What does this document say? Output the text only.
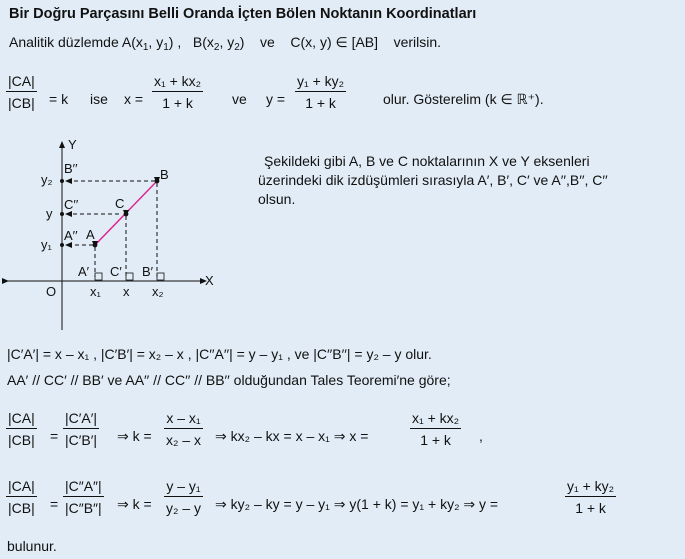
Bir Doğru Parçasını Belli Oranda İçten Bölen Noktanın Koordinatları
Analitik düzlemde $A(x_1$, $y_1$) , $B(x_2$, $y_2$) ve C(x, y) ∈ [AB] verilsin.
$\frac{|CA|}{|CB|} = k$ ise $x = \frac{\text{x₁ + kx₂}}{1 + k}$ ve $y = \frac{\text{y₁ + ky₂}}{1 + k}$	olur. Gösterelim (k ∈ ℝ⁺).
Şekildeki gibi A, B ve C noktalarının X ve Y eksenleri
üzerindeki dik izdüşümleri sırasıyla A′, B′, C′ ve A′′,B′′, C′′
olsun.
Y
X
O
A
C
B
B′′
C′′
A′′
A′ C′ B′
y₂
y
y₁
x₁ x x₂
|C′A′| = x – x₁ , |C′B′| = x₂ – x , |C′′A′′| = y – y₁ , ve |C′′B′′| = y₂ – y olur.
AA′ // CC′ // BB′ ve AA′′ // CC′′ // BB′′ olduğundan Tales Teoremi′ne göre;
$\frac{|CA|}{|CB|} = \frac{|C'A'|}{|C'B'|}$ ⇒ $k = \frac{\text{x – x₁}}{\text{x₂ – x}}$ ⇒ kx₂ – kx = x – x₁ ⇒ x =	$\frac{\text{x₁ + kx₂}}{1 + k}$ ,
$\frac{|CA|}{|CB|} = \frac{|C''A''|}{|C''B''|}$ ⇒ $k = \frac{\text{y – y₁}}{\text{y₂ – y}}$ ⇒ ky₂ – ky = y – y₁ ⇒ y(1 + k) = y₁ + ky₂ ⇒ y =	$\frac{\text{y₁ + ky₂}}{1 + k}$
bulunur.
